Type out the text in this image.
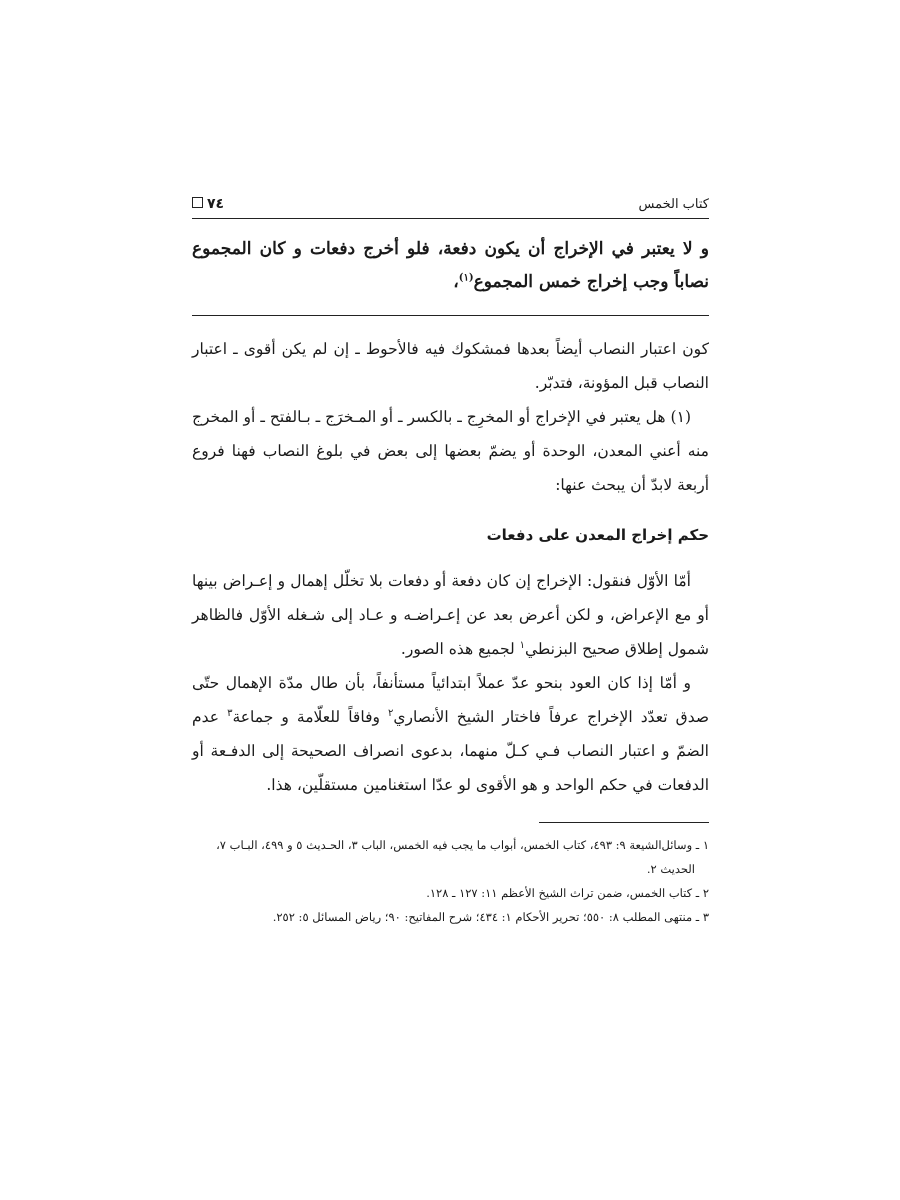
كتاب الخمس
٧٤
و لا يعتبر في الإخراج أن يكون دفعة، فلو أخرج دفعات و كان المجموع نصاباً وجب إخراج خمس المجموع$^{(١)}$،

كون اعتبار النصاب أيضاً بعدها فمشكوك فيه فالأحوط ـ إن لم يكن أقوى ـ اعتبار النصاب قبل المؤونة، فتدبّر.

(١) هل يعتبر في الإخراج أو المخرِج ـ بالكسر ـ أو المـخرَج ـ بـالفتح ـ أو المخرج منه أعني المعدن، الوحدة أو يضمّ بعضها إلى بعض في بلوغ النصاب فهنا فروع أربعة لابدّ أن يبحث عنها:

حكم إخراج المعدن على دفعات

أمّا الأوّل فنقول: الإخراج إن كان دفعة أو دفعات بلا تخلّل إهمال و إعـراض بينها أو مع الإعراض، و لكن أعرض بعد عن إعـراضـه و عـاد إلى شـغله الأوّل فالظاهر شمول إطلاق صحيح البزنطي$^١$ لجميع هذه الصور.

و أمّا إذا كان العود بنحو عدّ عملاً ابتدائياً مستأنفاً، بأن طال مدّة الإهمال حتّى صدق تعدّد الإخراج عرفاً فاختار الشيخ الأنصاري$^٢$ وفاقاً للعلّامة و جماعة$^٣$ عدم الضمّ و اعتبار النصاب فـي كـلّ منهما، بدعوى انصراف الصحيحة إلى الدفـعة أو الدفعات في حكم الواحد و هو الأقوى لو عدّا استغنامين مستقلّين، هذا.

١ ـ وسائل‌الشيعة ٩: ٤٩٣، كتاب الخمس، أبواب ما يجب فيه الخمس، الباب ٣، الحـديث ٥ و ٤٩٩، البـاب ٧،

الحديث ٢.

٢ ـ كتاب الخمس، ضمن تراث الشيخ الأعظم ١١: ١٢٧ ـ ١٢٨.

٣ ـ منتهى المطلب ٨: ٥٥٠؛ تحرير الأحكام ١: ٤٣٤؛ شرح المفاتيح: ٩٠؛ رياض المسائل ٥: ٢٥٢.
